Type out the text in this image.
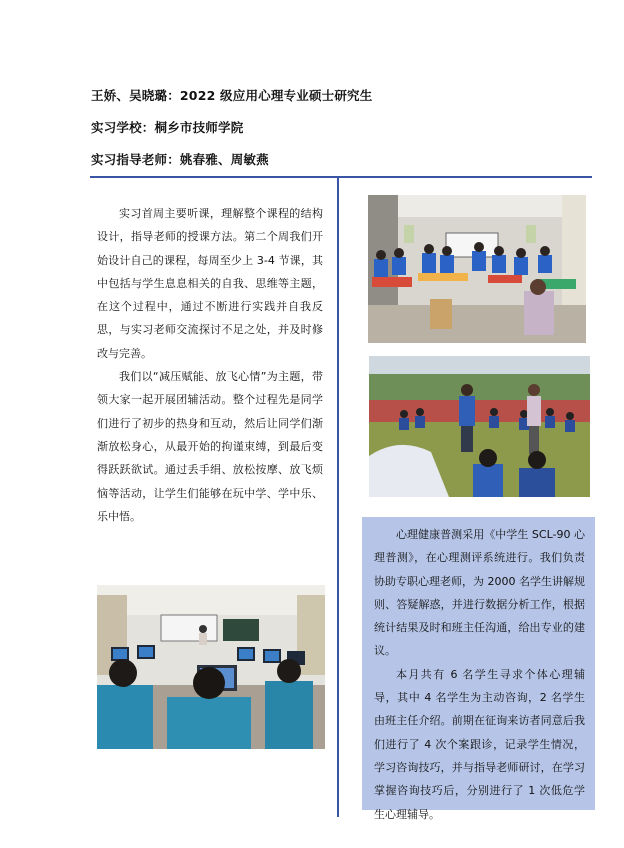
王娇、吴晓璐：2022 级应用心理专业硕士研究生
实习学校：桐乡市技师学院
实习指导老师：姚春雅、周敏燕

实习首周主要听课，理解整个课程的结构设计，指导老师的授课方法。第二个周我们开始设计自己的课程，每周至少上 3-4 节课，其中包括与学生息息相关的自我、思维等主题，在这个过程中，通过不断进行实践并自我反思，与实习老师交流探讨不足之处，并及时修改与完善。

我们以“减压赋能、放飞心情”为主题，带领大家一起开展团辅活动。整个过程先是同学们进行了初步的热身和互动，然后让同学们渐渐放松身心，从最开始的拘谨束缚，到最后变得跃跃欲试。通过丢手绢、放松按摩、放飞烦恼等活动，让学生们能够在玩中学、学中乐、乐中悟。

心理健康普测采用《中学生 SCL-90 心理普测》，在心理测评系统进行。我们负责协助专职心理老师，为 2000 名学生讲解规则、答疑解惑，并进行数据分析工作，根据统计结果及时和班主任沟通，给出专业的建议。

本月共有 6 名学生寻求个体心理辅导，其中 4 名学生为主动咨询，2 名学生由班主任介绍。前期在征询来访者同意后我们进行了 4 次个案跟诊，记录学生情况，学习咨询技巧，并与指导老师研讨，在学习掌握咨询技巧后，分别进行了 1 次低危学生心理辅导。
